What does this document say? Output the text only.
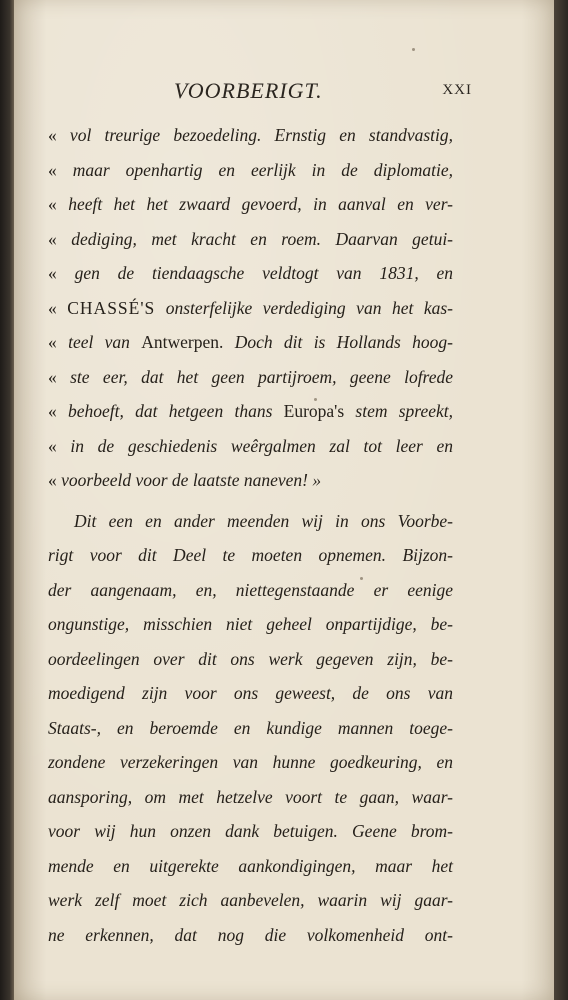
VOORBERIGT.	XXI
« vol treurige bezoedeling. Ernstig en standvastig,
« maar openhartig en eerlijk in de diplomatie,
« heeft het het zwaard gevoerd, in aanval en ver-
« dediging, met kracht en roem. Daarvan getui-
« gen de tiendaagsche veldtogt van 1831, en
« CHASSÉ'S onsterfelijke verdediging van het kas-
« teel van Antwerpen. Doch dit is Hollands hoog-
« ste eer, dat het geen partijroem, geene lofrede
« behoeft, dat hetgeen thans Europa's stem spreekt,
« in de geschiedenis weêrgalmen zal tot leer en
« voorbeeld voor de laatste naneven! »
Dit een en ander meenden wij in ons Voorbe-
rigt voor dit Deel te moeten opnemen. Bijzon-
der aangenaam, en, niettegenstaande er eenige
ongunstige, misschien niet geheel onpartijdige, be-
oordeelingen over dit ons werk gegeven zijn, be-
moedigend zijn voor ons geweest, de ons van
Staats-, en beroemde en kundige mannen toege-
zondene verzekeringen van hunne goedkeuring, en
aansporing, om met hetzelve voort te gaan, waar-
voor wij hun onzen dank betuigen. Geene brom-
mende en uitgerekte aankondigingen, maar het
werk zelf moet zich aanbevelen, waarin wij gaar-
ne erkennen, dat nog die volkomenheid ont-
